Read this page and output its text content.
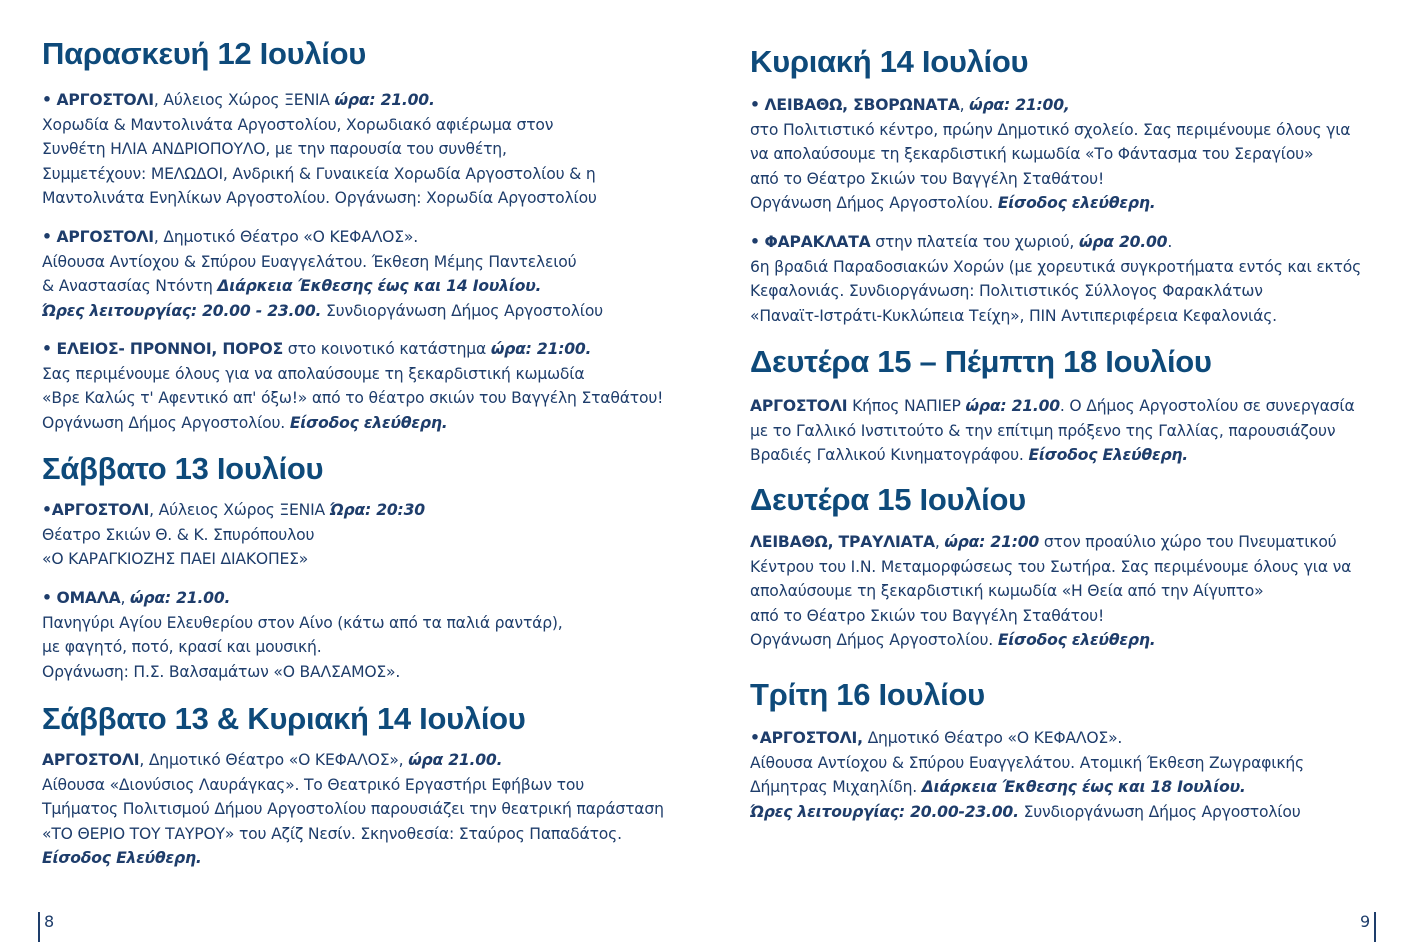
Παρασκευή 12 Ιουλίου

• ΑΡΓΟΣΤΟΛΙ, Αύλειος Χώρος ΞΕΝΙΑ ώρα: 21.00.
Χορωδία & Μαντολινάτα Αργοστολίου, Χορωδιακό αφιέρωμα στον
Συνθέτη ΗΛΙΑ ΑΝΔΡΙΟΠΟΥΛΟ, με την παρουσία του συνθέτη,
Συμμετέχουν: ΜΕΛΩΔΟΙ, Ανδρική & Γυναικεία Χορωδία Αργοστολίου & η
Μαντολινάτα Ενηλίκων Αργοστολίου. Οργάνωση: Χορωδία Αργοστολίου

• ΑΡΓΟΣΤΟΛΙ, Δημοτικό Θέατρο «Ο ΚΕΦΑΛΟΣ».
Αίθουσα Αντίοχου & Σπύρου Ευαγγελάτου. Έκθεση Μέμης Παντελειού
& Αναστασίας Ντόντη Διάρκεια Έκθεσης έως και 14 Ιουλίου.
Ώρες λειτουργίας: 20.00 - 23.00. Συνδιοργάνωση Δήμος Αργοστολίου

• ΕΛΕΙΟΣ- ΠΡΟΝΝΟΙ, ΠΟΡΟΣ στο κοινοτικό κατάστημα ώρα: 21:00.
Σας περιμένουμε όλους για να απολαύσουμε τη ξεκαρδιστική κωμωδία
«Βρε Καλώς τ' Αφεντικό απ' όξω!» από το θέατρο σκιών του Βαγγέλη Σταθάτου!
Οργάνωση Δήμος Αργοστολίου. Είσοδος ελεύθερη.

Σάββατο 13 Ιουλίου

•ΑΡΓΟΣΤΟΛΙ, Αύλειος Χώρος ΞΕΝΙΑ Ώρα: 20:30
Θέατρο Σκιών Θ. & Κ. Σπυρόπουλου
«Ο ΚΑΡΑΓΚΙΟΖΗΣ ΠΑΕΙ ΔΙΑΚΟΠΕΣ»

• ΟΜΑΛΑ, ώρα: 21.00.
Πανηγύρι Αγίου Ελευθερίου στον Αίνο (κάτω από τα παλιά ραντάρ),
με φαγητό, ποτό, κρασί και μουσική.
Οργάνωση: Π.Σ. Βαλσαμάτων «Ο ΒΑΛΣΑΜΟΣ».

Σάββατο 13 & Κυριακή 14 Ιουλίου

ΑΡΓΟΣΤΟΛΙ, Δημοτικό Θέατρο «Ο ΚΕΦΑΛΟΣ», ώρα 21.00.
Αίθουσα «Διονύσιος Λαυράγκας». Το Θεατρικό Εργαστήρι Εφήβων του
Τμήματος Πολιτισμού Δήμου Αργοστολίου παρουσιάζει την θεατρική παράσταση
«ΤΟ ΘΕΡΙΟ ΤΟΥ ΤΑΥΡΟΥ» του Αζίζ Νεσίν. Σκηνοθεσία: Σταύρος Παπαδάτος.
Είσοδος Ελεύθερη.

Κυριακή 14 Ιουλίου

• ΛΕΙΒΑΘΩ, ΣΒΟΡΩΝΑΤΑ, ώρα: 21:00,
στο Πολιτιστικό κέντρο, πρώην Δημοτικό σχολείο. Σας περιμένουμε όλους για
να απολαύσουμε τη ξεκαρδιστική κωμωδία «Το Φάντασμα του Σεραγίου»
από το Θέατρο Σκιών του Βαγγέλη Σταθάτου!
Οργάνωση Δήμος Αργοστολίου. Είσοδος ελεύθερη.

• ΦΑΡΑΚΛΑΤΑ στην πλατεία του χωριού, ώρα 20.00.
6η βραδιά Παραδοσιακών Χορών (με χορευτικά συγκροτήματα εντός και εκτός
Κεφαλονιάς. Συνδιοργάνωση: Πολιτιστικός Σύλλογος Φαρακλάτων
«Παναϊτ-Ιστράτι-Κυκλώπεια Τείχη», ΠΙΝ Αντιπεριφέρεια Κεφαλονιάς.

Δευτέρα 15 – Πέμπτη 18 Ιουλίου

ΑΡΓΟΣΤΟΛΙ Κήπος ΝΑΠΙΕΡ ώρα: 21.00. Ο Δήμος Αργοστολίου σε συνεργασία
με το Γαλλικό Ινστιτούτο & την επίτιμη πρόξενο της Γαλλίας, παρουσιάζουν
Βραδιές Γαλλικού Κινηματογράφου. Είσοδος Ελεύθερη.

Δευτέρα 15 Ιουλίου

ΛΕΙΒΑΘΩ, ΤΡΑΥΛΙΑΤΑ, ώρα: 21:00 στον προαύλιο χώρο του Πνευματικού
Κέντρου του Ι.Ν. Μεταμορφώσεως του Σωτήρα. Σας περιμένουμε όλους για να
απολαύσουμε τη ξεκαρδιστική κωμωδία «Η Θεία από την Αίγυπτο»
από το Θέατρο Σκιών του Βαγγέλη Σταθάτου!
Οργάνωση Δήμος Αργοστολίου. Είσοδος ελεύθερη.

Τρίτη 16 Ιουλίου

•ΑΡΓΟΣΤΟΛΙ, Δημοτικό Θέατρο «Ο ΚΕΦΑΛΟΣ».
Αίθουσα Αντίοχου & Σπύρου Ευαγγελάτου. Ατομική Έκθεση Ζωγραφικής
Δήμητρας Μιχαηλίδη. Διάρκεια Έκθεσης έως και 18 Ιουλίου.
Ώρες λειτουργίας: 20.00-23.00. Συνδιοργάνωση Δήμος Αργοστολίου

8	9
